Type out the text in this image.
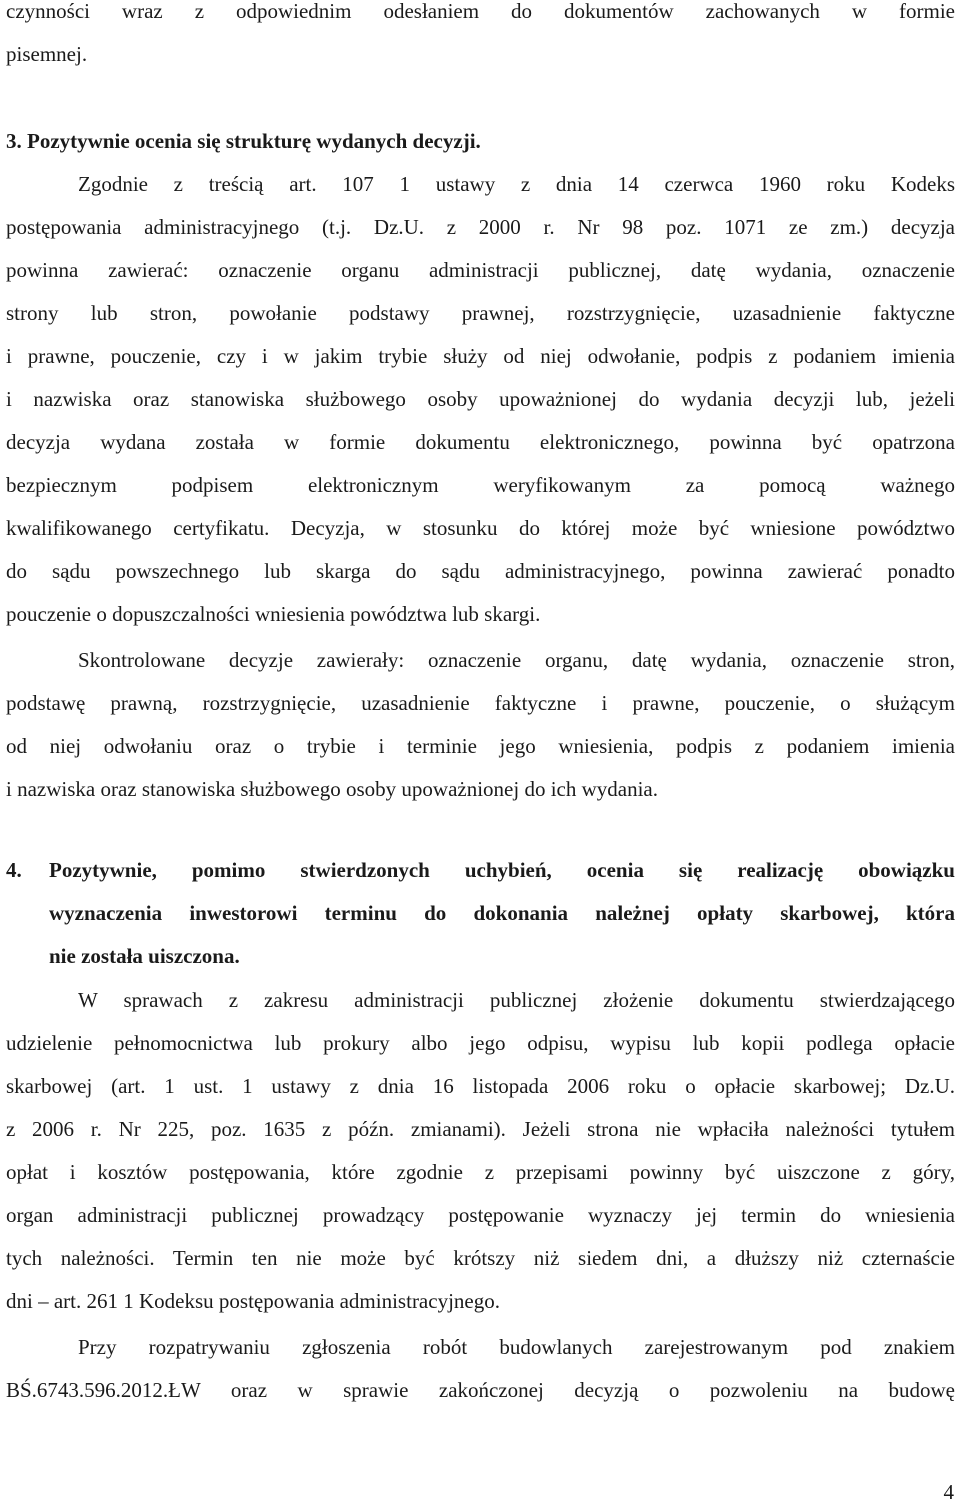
czynności wraz z odpowiednim odesłaniem do dokumentów zachowanych w formie
pisemnej.
3. Pozytywnie ocenia się strukturę wydanych decyzji.
Zgodnie z treścią art. 107 1 ustawy z dnia 14 czerwca 1960 roku Kodeks
postępowania administracyjnego (t.j. Dz.U. z 2000 r. Nr 98 poz. 1071 ze zm.) decyzja
powinna zawierać: oznaczenie organu administracji publicznej, datę wydania, oznaczenie
strony lub stron, powołanie podstawy prawnej, rozstrzygnięcie, uzasadnienie faktyczne
i prawne, pouczenie, czy i w jakim trybie służy od niej odwołanie, podpis z podaniem imienia
i nazwiska oraz stanowiska służbowego osoby upoważnionej do wydania decyzji lub, jeżeli
decyzja wydana została w formie dokumentu elektronicznego, powinna być opatrzona
bezpiecznym podpisem elektronicznym weryfikowanym za pomocą ważnego
kwalifikowanego certyfikatu. Decyzja, w stosunku do której może być wniesione powództwo
do sądu powszechnego lub skarga do sądu administracyjnego, powinna zawierać ponadto
pouczenie o dopuszczalności wniesienia powództwa lub skargi.
Skontrolowane decyzje zawierały: oznaczenie organu, datę wydania, oznaczenie stron,
podstawę prawną, rozstrzygnięcie, uzasadnienie faktyczne i prawne, pouczenie, o służącym
od niej odwołaniu oraz o trybie i terminie jego wniesienia, podpis z podaniem imienia
i nazwiska oraz stanowiska służbowego osoby upoważnionej do ich wydania.
4. Pozytywnie, pomimo stwierdzonych uchybień, ocenia się realizację obowiązku
wyznaczenia inwestorowi terminu do dokonania należnej opłaty skarbowej, która
nie została uiszczona.
W sprawach z zakresu administracji publicznej złożenie dokumentu stwierdzającego
udzielenie pełnomocnictwa lub prokury albo jego odpisu, wypisu lub kopii podlega opłacie
skarbowej (art. 1 ust. 1 ustawy z dnia 16 listopada 2006 roku o opłacie skarbowej; Dz.U.
z 2006 r. Nr 225, poz. 1635 z późn. zmianami). Jeżeli strona nie wpłaciła należności tytułem
opłat i kosztów postępowania, które zgodnie z przepisami powinny być uiszczone z góry,
organ administracji publicznej prowadzący postępowanie wyznaczy jej termin do wniesienia
tych należności. Termin ten nie może być krótszy niż siedem dni, a dłuższy niż czternaście
dni – art. 261 1 Kodeksu postępowania administracyjnego.
Przy rozpatrywaniu zgłoszenia robót budowlanych zarejestrowanym pod znakiem
BŚ.6743.596.2012.ŁW oraz w sprawie zakończonej decyzją o pozwoleniu na budowę
4
